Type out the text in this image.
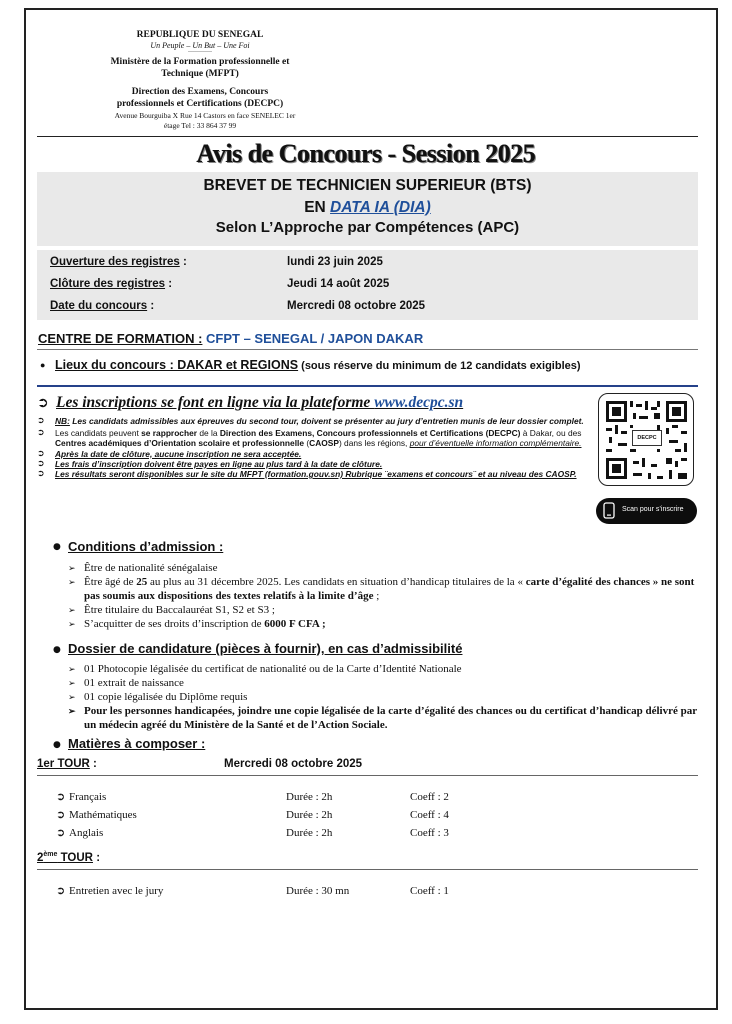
REPUBLIQUE DU SENEGAL
Un Peuple – Un But – Une Foi
------------
Ministère de la Formation professionnelle et
Technique (MFPT)
Direction des Examens, Concours
professionnels et Certifications (DECPC)
Avenue Bourguiba X Rue 14 Castors en face SENELEC 1er
étage Tel : 33 864 37 99
Avis de Concours - Session 2025
BREVET DE TECHNICIEN SUPERIEUR (BTS)
EN DATA IA (DIA)
Selon L’Approche par Compétences (APC)
Ouverture des registres :	lundi 23 juin 2025
Clôture des registres :	Jeudi 14 août 2025
Date du concours :	Mercredi 08 octobre 2025
CENTRE DE FORMATION : CFPT – SENEGAL / JAPON DAKAR
● Lieux du concours : DAKAR et REGIONS (sous réserve du minimum de 12 candidats exigibles)
➲ Les inscriptions se font en ligne via la plateforme www.decpc.sn
➲ NB: Les candidats admissibles aux épreuves du second tour, doivent se présenter au jury d’entretien munis de leur dossier complet.
➲ Les candidats peuvent se rapprocher de la Direction des Examens, Concours professionnels et Certifications (DECPC) à Dakar, ou des Centres académiques d’Orientation scolaire et professionnelle (CAOSP) dans les régions, pour d’éventuelle information complémentaire.
➲ Après la date de clôture, aucune inscription ne sera acceptée.
➲ Les frais d’inscription doivent être payes en ligne au plus tard à la date de clôture.
➲ Les résultats seront disponibles sur le site du MFPT (formation.gouv.sn) Rubrique ¨examens et concours¨ et au niveau des CAOSP.
DECPC
Scan pour s’inscrire
● Conditions d’admission :
➢ Être de nationalité sénégalaise
➢ Être âgé de 25 au plus au 31 décembre 2025. Les candidats en situation d’handicap titulaires de la « carte d’égalité des chances » ne sont pas soumis aux dispositions des textes relatifs à la limite d’âge ;
➢ Être titulaire du Baccalauréat S1, S2 et S3 ;
➢ S’acquitter de ses droits d’inscription de 6000 F CFA ;
● Dossier de candidature (pièces à fournir), en cas d’admissibilité
➢ 01 Photocopie légalisée du certificat de nationalité ou de la Carte d’Identité Nationale
➢ 01 extrait de naissance
➢ 01 copie légalisée du Diplôme requis
➢ Pour les personnes handicapées, joindre une copie légalisée de la carte d’égalité des chances ou du certificat d’handicap délivré par un médecin agréé du Ministère de la Santé et de l’Action Sociale.
● Matières à composer :
1er TOUR :	Mercredi 08 octobre 2025
➲ Français	Durée : 2h	Coeff : 2
➲ Mathématiques	Durée : 2h	Coeff : 4
➲ Anglais	Durée : 2h	Coeff : 3
2ème TOUR :
➲ Entretien avec le jury	Durée : 30 mn	Coeff : 1
